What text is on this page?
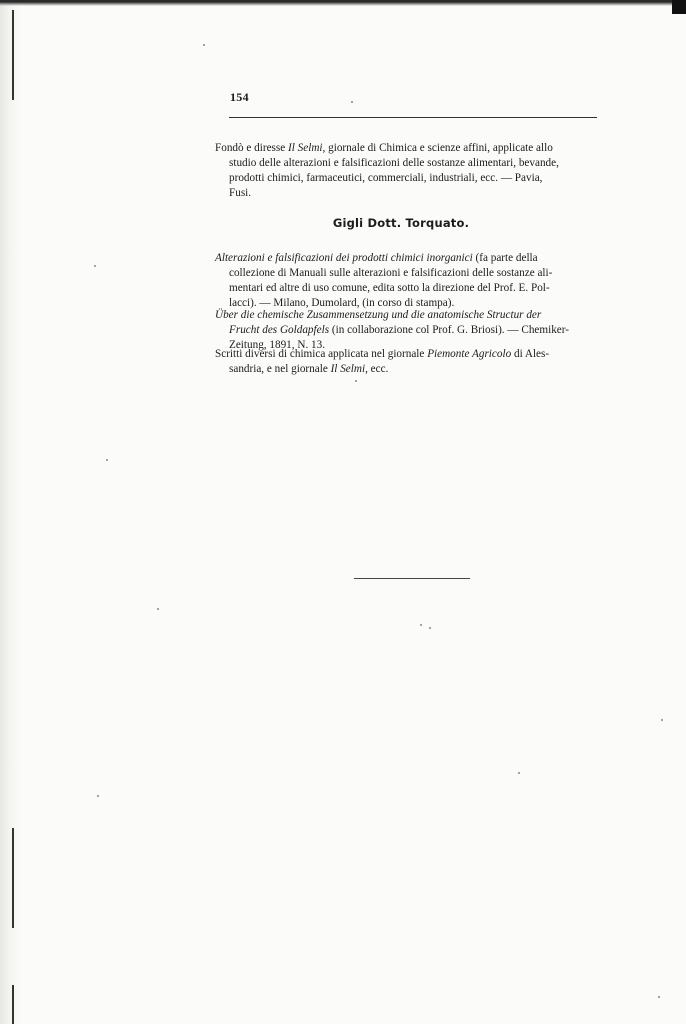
154
Fondò e diresse Il Selmi, giornale di Chimica e scienze affini, applicate allo
studio delle alterazioni e falsificazioni delle sostanze alimentari, bevande,
prodotti chimici, farmaceutici, commerciali, industriali, ecc. — Pavia,
Fusi.
Gigli Dott. Torquato.
Alterazioni e falsificazioni dei prodotti chimici inorganici (fa parte della
collezione di Manuali sulle alterazioni e falsificazioni delle sostanze ali-
mentari ed altre di uso comune, edita sotto la direzione del Prof. E. Pol-
lacci). — Milano, Dumolard, (in corso di stampa).
Über die chemische Zusammensetzung und die anatomische Structur der
Frucht des Goldapfels (in collaborazione col Prof. G. Briosi). — Chemiker-
Zeitung, 1891, N. 13.
Scritti diversi di chimica applicata nel giornale Piemonte Agricolo di Ales-
sandria, e nel giornale Il Selmi, ecc.
